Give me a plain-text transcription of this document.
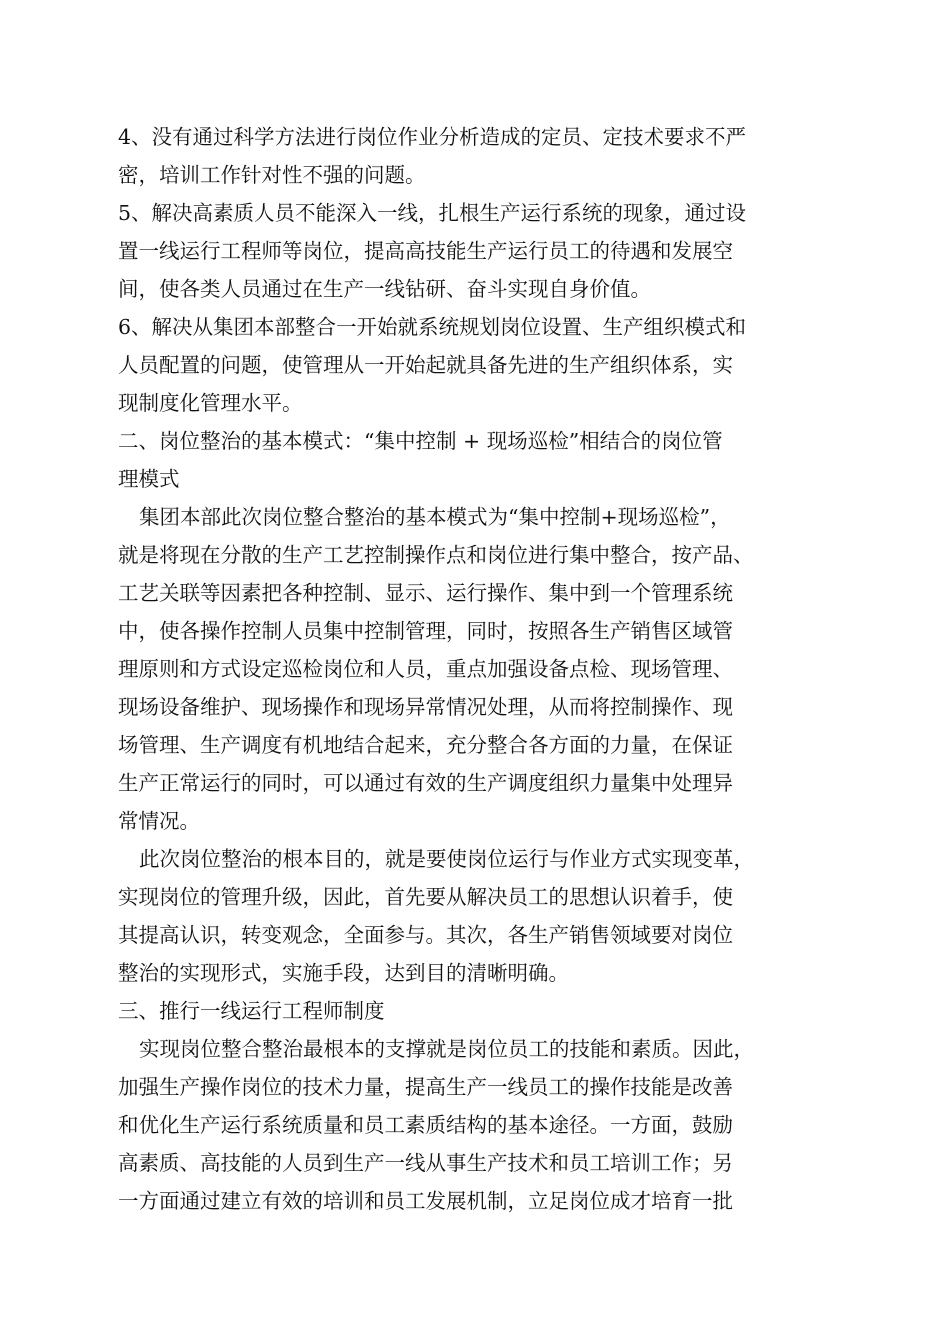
4、没有通过科学方法进行岗位作业分析造成的定员、定技术要求不严
密，培训工作针对性不强的问题。
5、解决高素质人员不能深入一线，扎根生产运行系统的现象，通过设
置一线运行工程师等岗位，提高高技能生产运行员工的待遇和发展空
间，使各类人员通过在生产一线钻研、奋斗实现自身价值。
6、解决从集团本部整合一开始就系统规划岗位设置、生产组织模式和
人员配置的问题，使管理从一开始起就具备先进的生产组织体系，实
现制度化管理水平。
二、岗位整治的基本模式：“集中控制 + 现场巡检”相结合的岗位管
理模式
集团本部此次岗位整合整治的基本模式为“集中控制+现场巡检”，
就是将现在分散的生产工艺控制操作点和岗位进行集中整合，按产品、
工艺关联等因素把各种控制、显示、运行操作、集中到一个管理系统
中，使各操作控制人员集中控制管理，同时，按照各生产销售区域管
理原则和方式设定巡检岗位和人员，重点加强设备点检、现场管理、
现场设备维护、现场操作和现场异常情况处理，从而将控制操作、现
场管理、生产调度有机地结合起来，充分整合各方面的力量，在保证
生产正常运行的同时，可以通过有效的生产调度组织力量集中处理异
常情况。
此次岗位整治的根本目的，就是要使岗位运行与作业方式实现变革，
实现岗位的管理升级，因此，首先要从解决员工的思想认识着手，使
其提高认识，转变观念，全面参与。其次，各生产销售领域要对岗位
整治的实现形式，实施手段，达到目的清晰明确。
三、推行一线运行工程师制度
实现岗位整合整治最根本的支撑就是岗位员工的技能和素质。因此，
加强生产操作岗位的技术力量，提高生产一线员工的操作技能是改善
和优化生产运行系统质量和员工素质结构的基本途径。一方面，鼓励
高素质、高技能的人员到生产一线从事生产技术和员工培训工作；另
一方面通过建立有效的培训和员工发展机制，立足岗位成才培育一批
